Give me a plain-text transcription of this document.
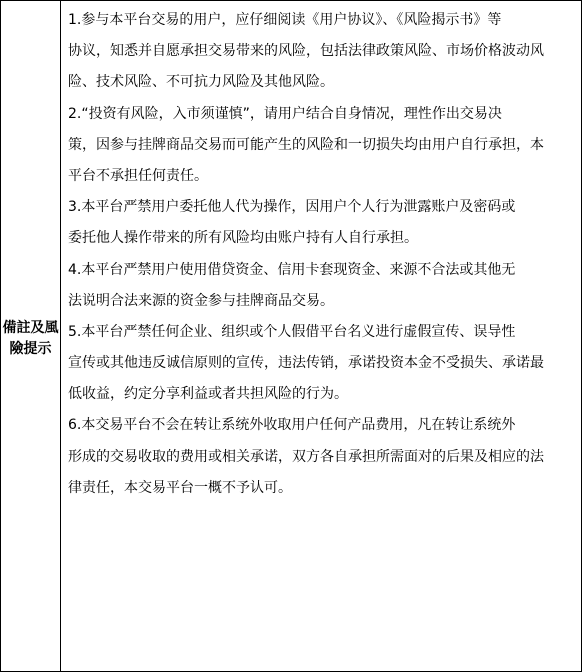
備註及風險提示
1.参与本平台交易的用户，应仔细阅读《用户协议》、《风险揭示书》等
协议，知悉并自愿承担交易带来的风险，包括法律政策风险、市场价格波动风
险、技术风险、不可抗力风险及其他风险。
2.“投资有风险，入市须谨慎”，请用户结合自身情况，理性作出交易决
策，因参与挂牌商品交易而可能产生的风险和一切损失均由用户自行承担，本
平台不承担任何责任。
3.本平台严禁用户委托他人代为操作，因用户个人行为泄露账户及密码或
委托他人操作带来的所有风险均由账户持有人自行承担。
4.本平台严禁用户使用借贷资金、信用卡套现资金、来源不合法或其他无
法说明合法来源的资金参与挂牌商品交易。
5.本平台严禁任何企业、组织或个人假借平台名义进行虚假宣传、误导性
宣传或其他违反诚信原则的宣传，违法传销，承诺投资本金不受损失、承诺最
低收益，约定分享利益或者共担风险的行为。
6.本交易平台不会在转让系统外收取用户任何产品费用，凡在转让系统外
形成的交易收取的费用或相关承诺，双方各自承担所需面对的后果及相应的法
律责任，本交易平台一概不予认可。
